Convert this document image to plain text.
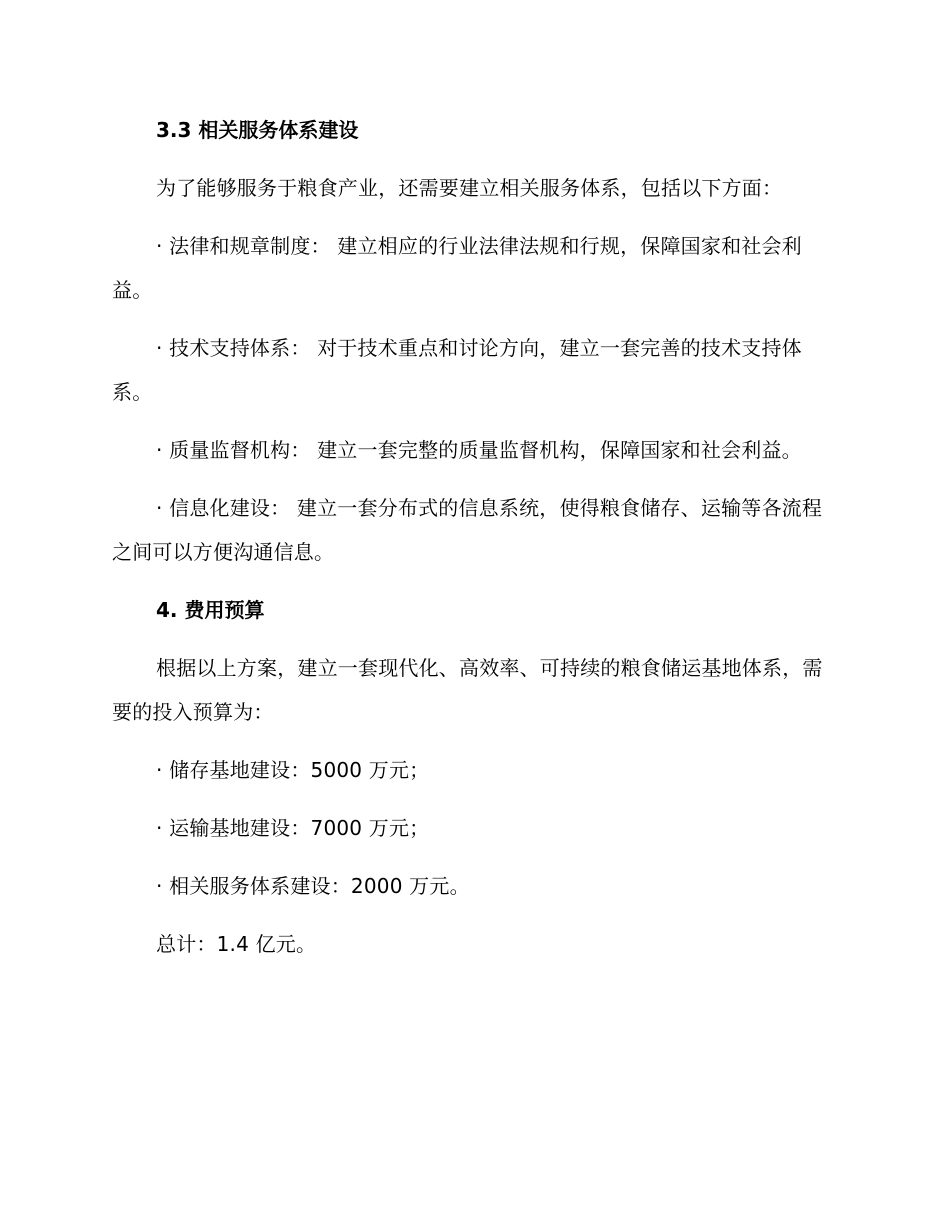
3.3 相关服务体系建设
为了能够服务于粮食产业，还需要建立相关服务体系，包括以下方面：
· 法律和规章制度： 建立相应的行业法律法规和行规，保障国家和社会利益。
· 技术支持体系： 对于技术重点和讨论方向，建立一套完善的技术支持体系。
· 质量监督机构： 建立一套完整的质量监督机构，保障国家和社会利益。
· 信息化建设： 建立一套分布式的信息系统，使得粮食储存、运输等各流程之间可以方便沟通信息。
4. 费用预算
根据以上方案，建立一套现代化、高效率、可持续的粮食储运基地体系，需要的投入预算为：
· 储存基地建设：5000 万元；
· 运输基地建设：7000 万元；
· 相关服务体系建设：2000 万元。
总计：1.4 亿元。
